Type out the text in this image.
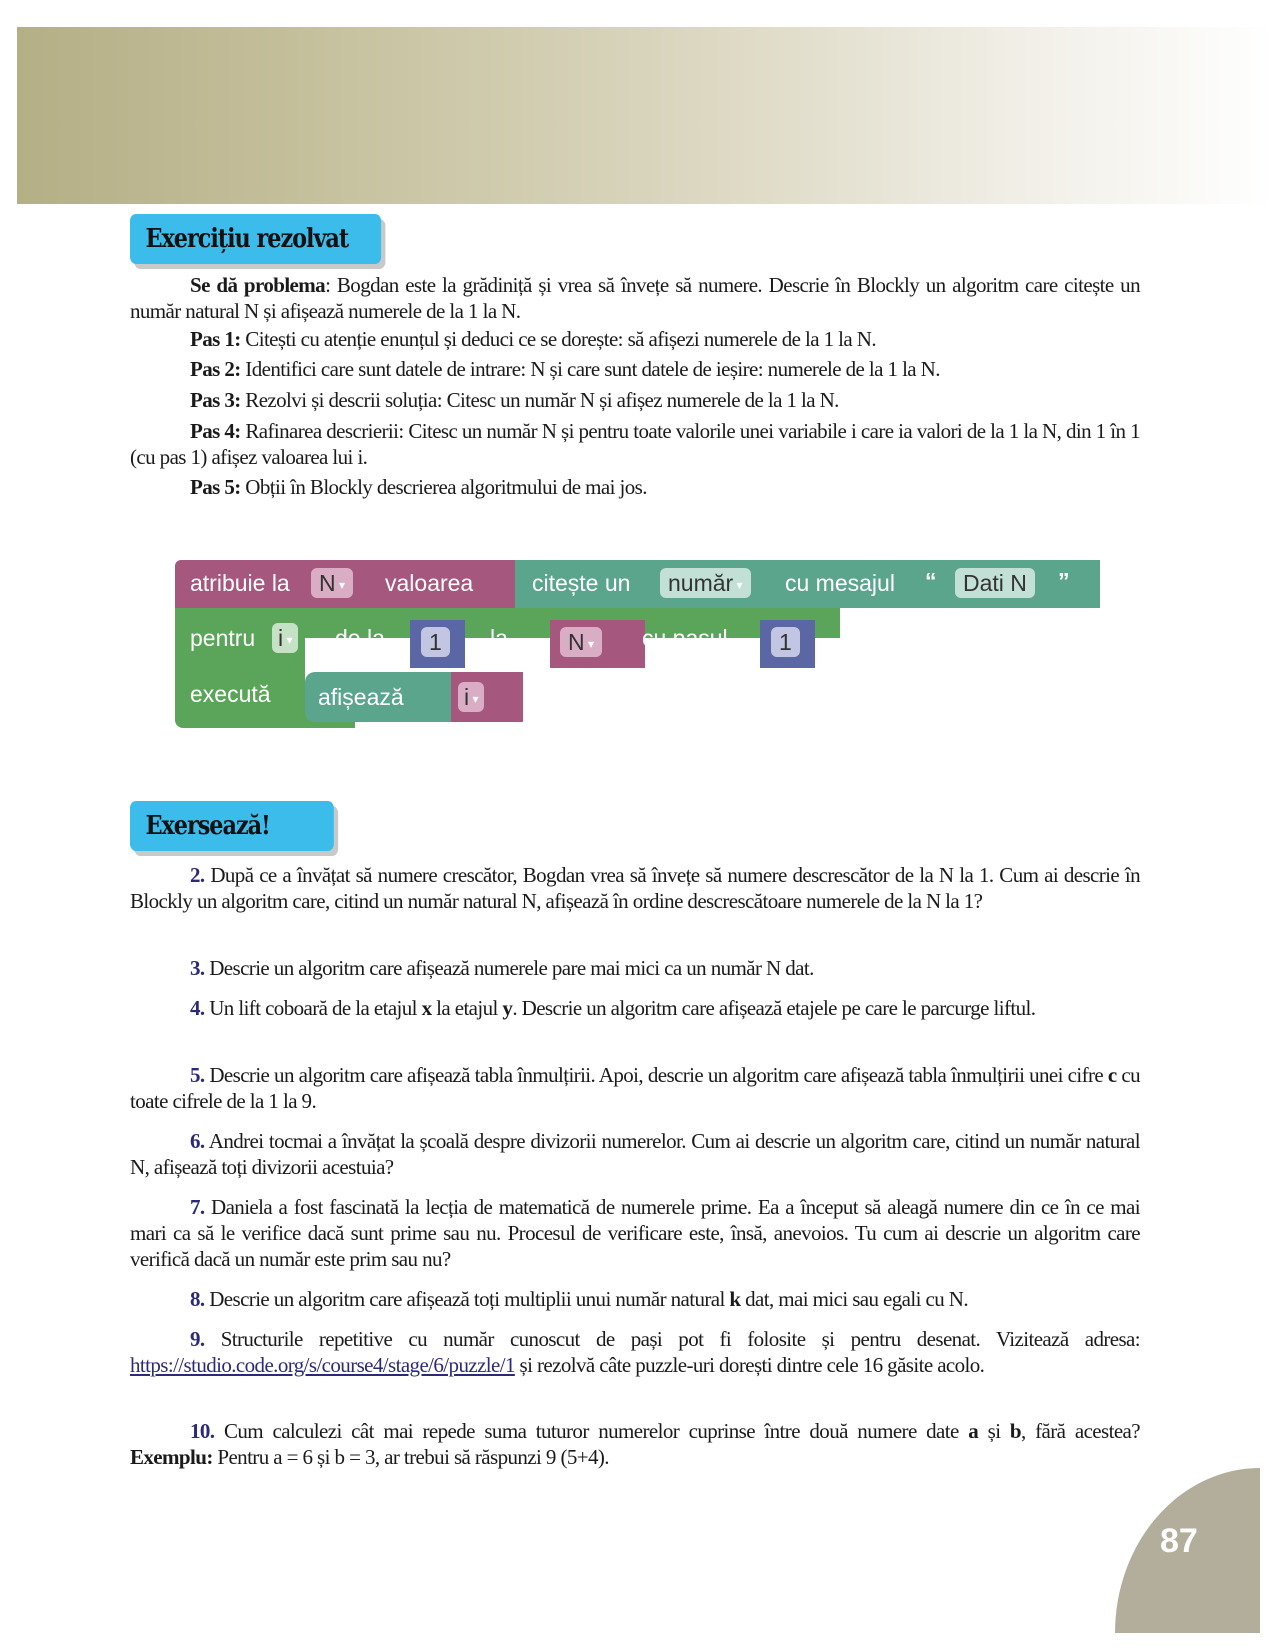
Exercițiu rezolvat
Se dă problema: Bogdan este la grădiniță și vrea să învețe să numere. Descrie în Blockly un algoritm care citește un număr natural N și afișează numerele de la 1 la N.
Pas 1: Citești cu atenție enunțul și deduci ce se dorește: să afișezi numerele de la 1 la N.
Pas 2: Identifici care sunt datele de intrare: N și care sunt datele de ieșire: numerele de la 1 la N.
Pas 3: Rezolvi și descrii soluția: Citesc un număr N și afișez numerele de la 1 la N.
Pas 4: Rafinarea descrierii: Citesc un număr N și pentru toate valorile unei variabile i care ia valori de la 1 la N, din 1 în 1 (cu pas 1) afișez valoarea lui i.
Pas 5: Obții în Blockly descrierea algoritmului de mai jos.
atribuie la	N ▾	valoarea	citește un	număr ▾	cu mesajul “	Dati N	”
pentru i ▾	de la	1	la	N ▾	cu pasul	1
execută afișează	i ▾
Exersează!
2. După ce a învățat să numere crescător, Bogdan vrea să învețe să numere descrescător de la N la 1. Cum ai descrie în Blockly un algoritm care, citind un număr natural N, afișează în ordine descrescătoare numerele de la N la 1?
3. Descrie un algoritm care afișează numerele pare mai mici ca un număr N dat.
4. Un lift coboară de la etajul x la etajul y. Descrie un algoritm care afișează etajele pe care le parcurge liftul.
5. Descrie un algoritm care afișează tabla înmulțirii. Apoi, descrie un algoritm care afișează tabla înmulțirii unei cifre c cu toate cifrele de la 1 la 9.
6. Andrei tocmai a învățat la școală despre divizorii numerelor. Cum ai descrie un algoritm care, citind un număr natural N, afișează toți divizorii acestuia?
7. Daniela a fost fascinată la lecția de matematică de numerele prime. Ea a început să aleagă numere din ce în ce mai mari ca să le verifice dacă sunt prime sau nu. Procesul de verificare este, însă, anevoios. Tu cum ai descrie un algoritm care verifică dacă un număr este prim sau nu?
8. Descrie un algoritm care afișează toți multiplii unui număr natural k dat, mai mici sau egali cu N.
9. Structurile repetitive cu număr cunoscut de pași pot fi folosite și pentru desenat. Vizitează adresa: https://studio.code.org/s/course4/stage/6/puzzle/1 și rezolvă câte puzzle-uri dorești dintre cele 16 găsite acolo.
10. Cum calculezi cât mai repede suma tuturor numerelor cuprinse între două numere date a și b, fără acestea? Exemplu: Pentru a = 6 și b = 3, ar trebui să răspunzi 9 (5+4).
87
